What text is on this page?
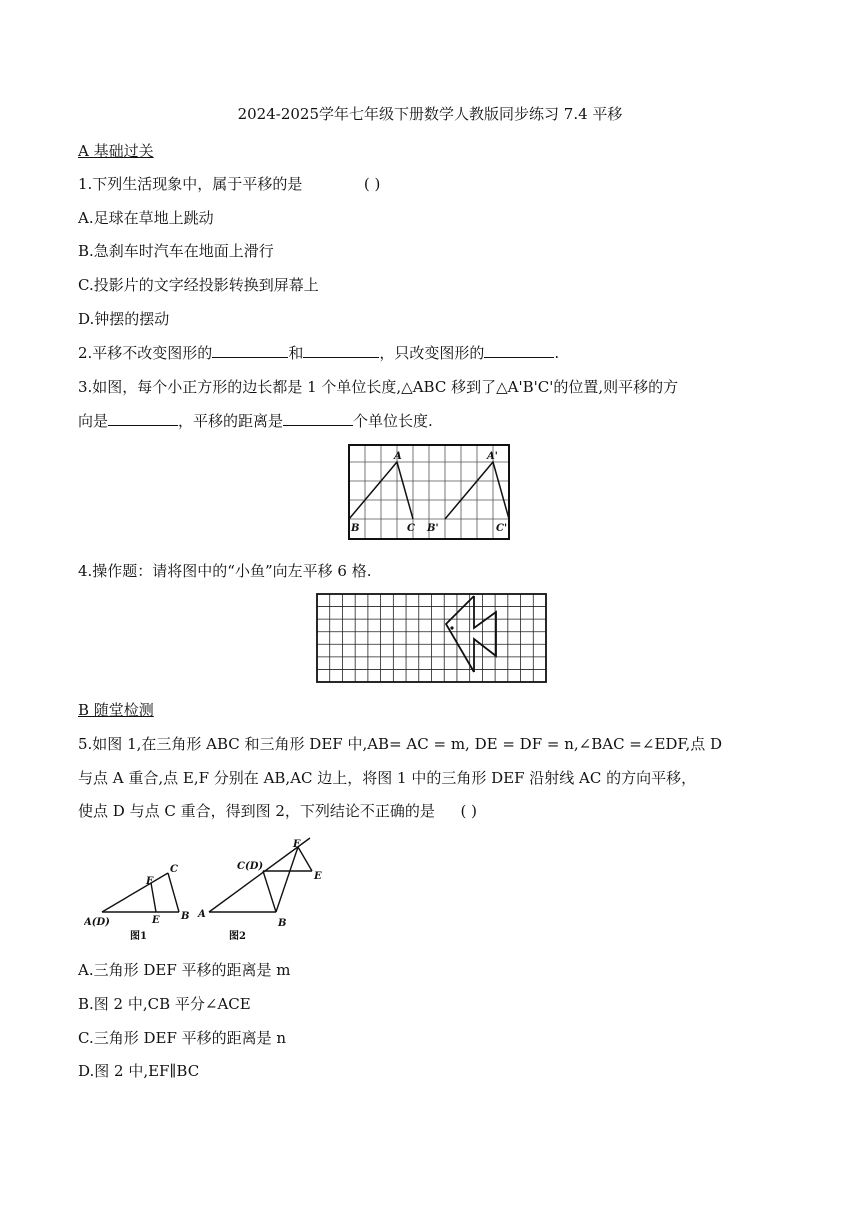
2024-2025学年七年级下册数学人教版同步练习 7.4 平移
A 基础过关
1.下列生活现象中，属于平移的是	( )
A.足球在草地上跳动
B.急刹车时汽车在地面上滑行
C.投影片的文字经投影转换到屏幕上
D.钟摆的摆动
2.平移不改变图形的	和	，只改变图形的	.
3.如图，每个小正方形的边长都是 1 个单位长度,△ABC 移到了△A'B'C'的位置,则平移的方
向是	，平移的距离是	个单位长度.
A
B	C
A'
B'	C'
4.操作题：请将图中的“小鱼”向左平移 6 格.
B 随堂检测
5.如图 1,在三角形 ABC 和三角形 DEF 中,AB= AC = m, DE = DF = n,∠BAC =∠EDF,点 D
与点 A 重合,点 E,F 分别在 AB,AC 边上，将图 1 中的三角形 DEF 沿射线 AC 的方向平移，
使点 D 与点 C 重合，得到图 2，下列结论不正确的是 ( )
A(D)	E B
F
C
A
B
C(D)
F
E
图1	图2
A.三角形 DEF 平移的距离是 m
B.图 2 中,CB 平分∠ACE
C.三角形 DEF 平移的距离是 n
D.图 2 中,EF∥BC
